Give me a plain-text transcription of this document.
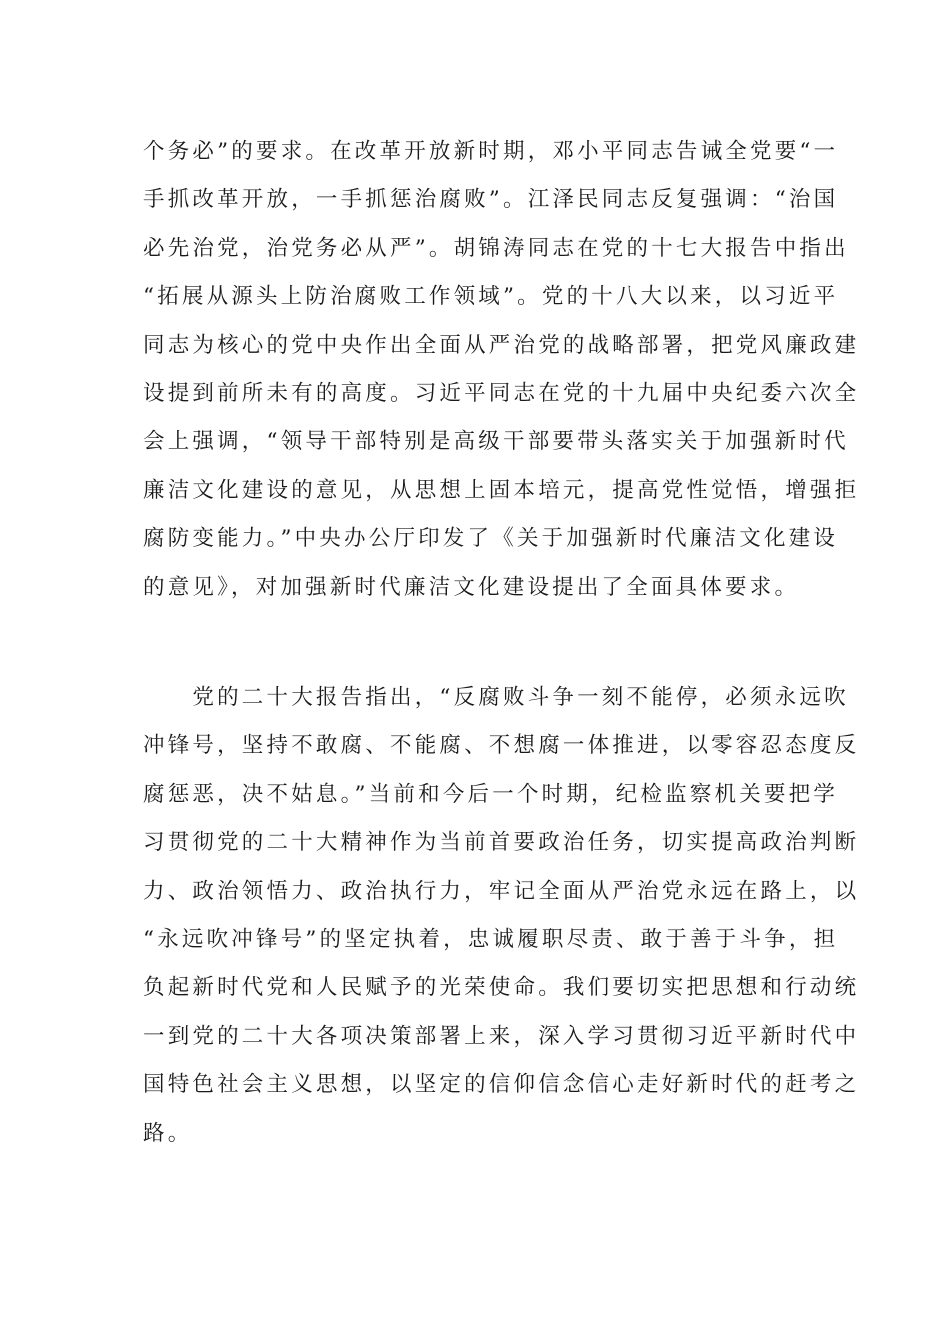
个务必”的要求。在改革开放新时期，邓小平同志告诫全党要“一
手抓改革开放，一手抓惩治腐败”。江泽民同志反复强调：“治国
必先治党，治党务必从严”。胡锦涛同志在党的十七大报告中指出
“拓展从源头上防治腐败工作领域”。党的十八大以来，以习近平
同志为核心的党中央作出全面从严治党的战略部署，把党风廉政建
设提到前所未有的高度。习近平同志在党的十九届中央纪委六次全
会上强调，“领导干部特别是高级干部要带头落实关于加强新时代
廉洁文化建设的意见，从思想上固本培元，提高党性觉悟，增强拒
腐防变能力。”中央办公厅印发了《关于加强新时代廉洁文化建设
的意见》，对加强新时代廉洁文化建设提出了全面具体要求。
　　党的二十大报告指出，“反腐败斗争一刻不能停，必须永远吹
冲锋号，坚持不敢腐、不能腐、不想腐一体推进，以零容忍态度反
腐惩恶，决不姑息。”当前和今后一个时期，纪检监察机关要把学
习贯彻党的二十大精神作为当前首要政治任务，切实提高政治判断
力、政治领悟力、政治执行力，牢记全面从严治党永远在路上，以
“永远吹冲锋号”的坚定执着，忠诚履职尽责、敢于善于斗争，担
负起新时代党和人民赋予的光荣使命。我们要切实把思想和行动统
一到党的二十大各项决策部署上来，深入学习贯彻习近平新时代中
国特色社会主义思想，以坚定的信仰信念信心走好新时代的赶考之
路。
